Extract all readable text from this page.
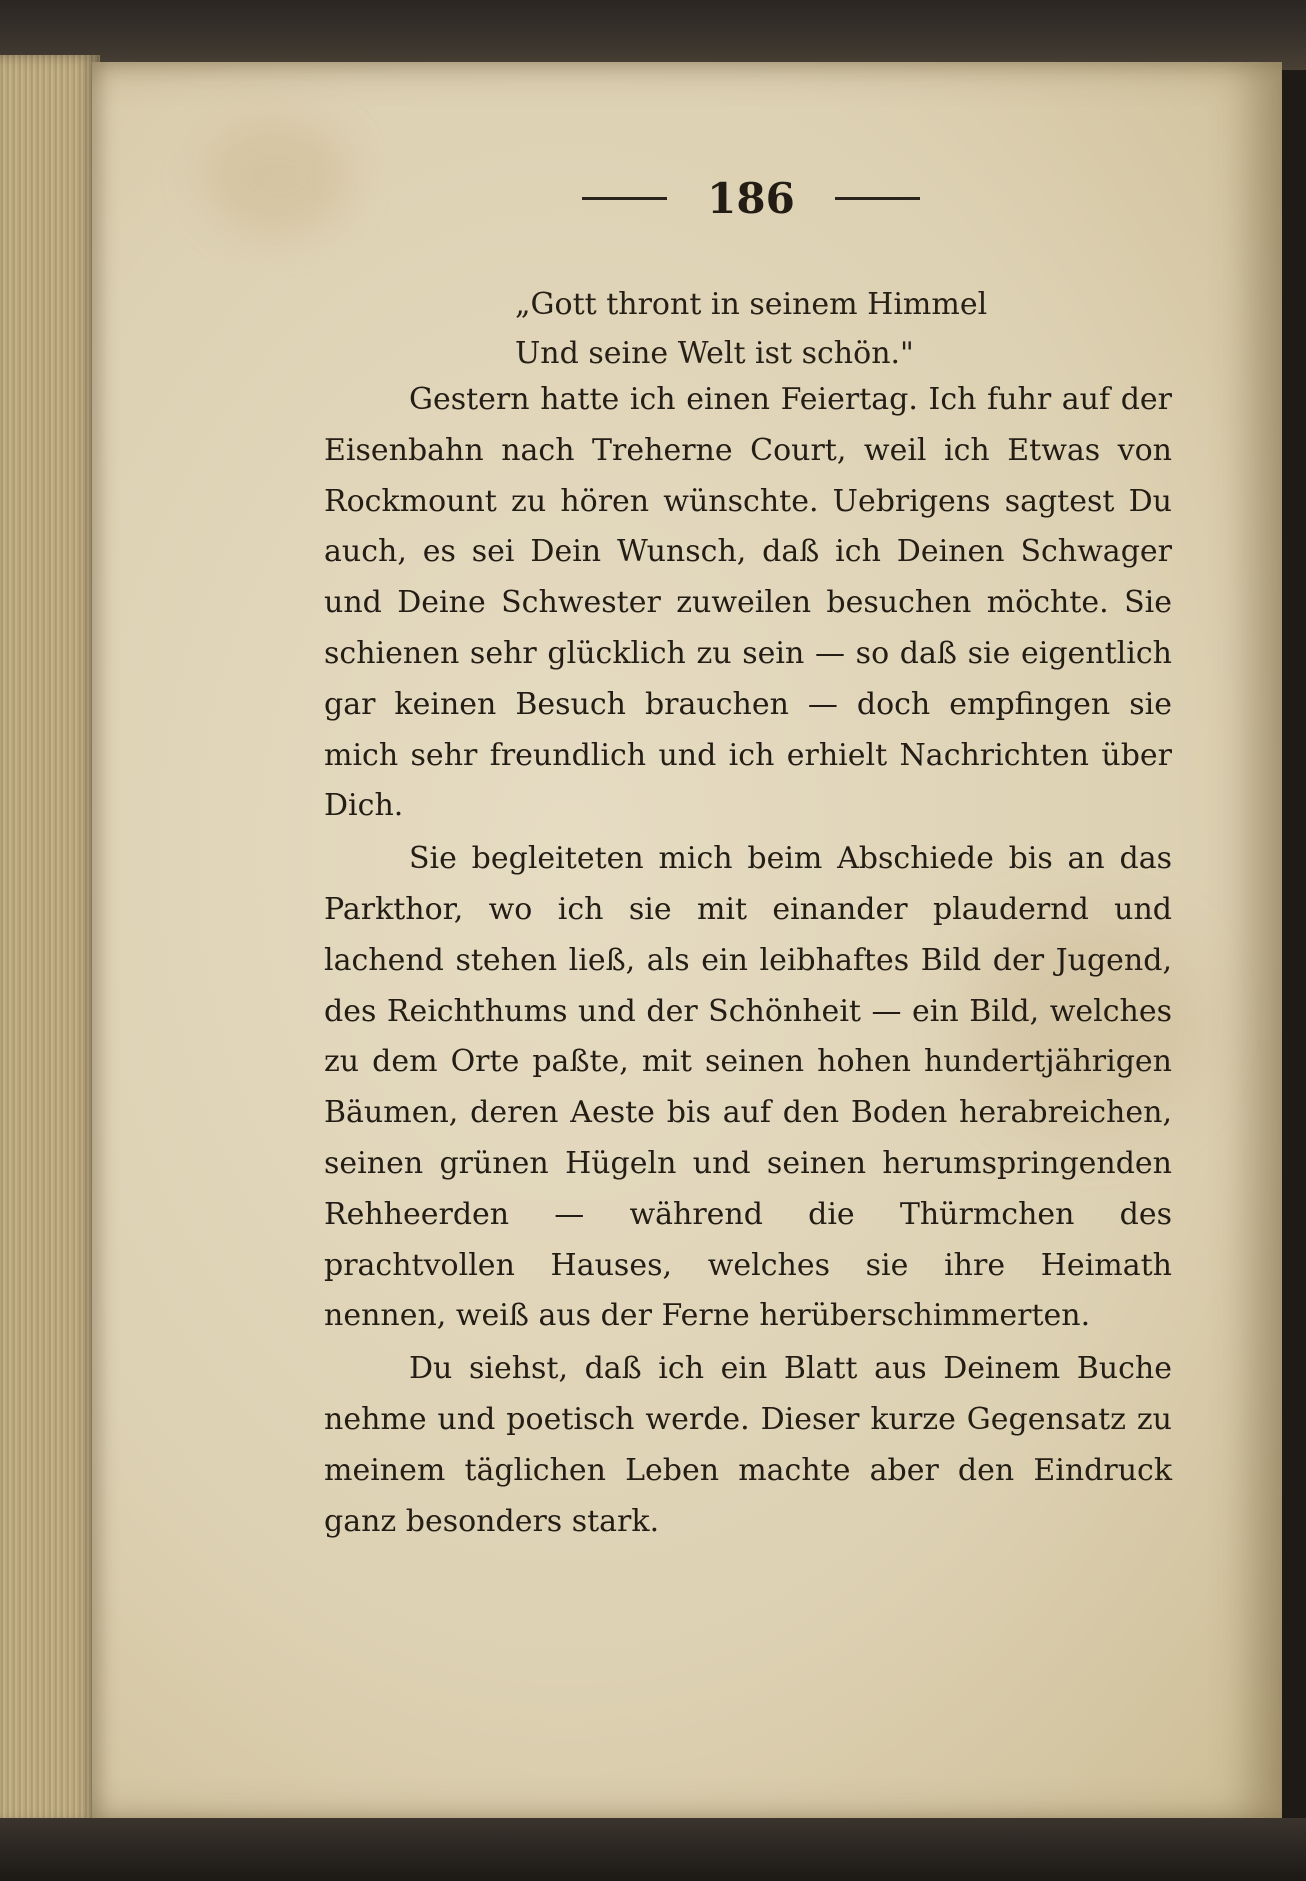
186
„Gott thront in seinem Himmel
Und seine Welt ist schön."

Gestern hatte ich einen Feiertag. Ich fuhr auf der Eisenbahn nach Treherne Court, weil ich Etwas von Rockmount zu hören wünschte. Uebrigens sagtest Du auch, es sei Dein Wunsch, daß ich Deinen Schwager und Deine Schwester zuweilen besuchen möchte. Sie schienen sehr glücklich zu sein — so daß sie eigentlich gar keinen Besuch brauchen — doch empfingen sie mich sehr freundlich und ich erhielt Nachrichten über Dich.

Sie begleiteten mich beim Abschiede bis an das Parkthor, wo ich sie mit einander plaudernd und lachend stehen ließ, als ein leibhaftes Bild der Jugend, des Reichthums und der Schönheit — ein Bild, welches zu dem Orte paßte, mit seinen hohen hundertjährigen Bäumen, deren Aeste bis auf den Boden herabreichen, seinen grünen Hügeln und seinen herumspringenden Rehheerden — während die Thürmchen des prachtvollen Hauses, welches sie ihre Heimath nennen, weiß aus der Ferne herüberschimmerten.

Du siehst, daß ich ein Blatt aus Deinem Buche nehme und poetisch werde. Dieser kurze Gegensatz zu meinem täglichen Leben machte aber den Eindruck ganz besonders stark.
